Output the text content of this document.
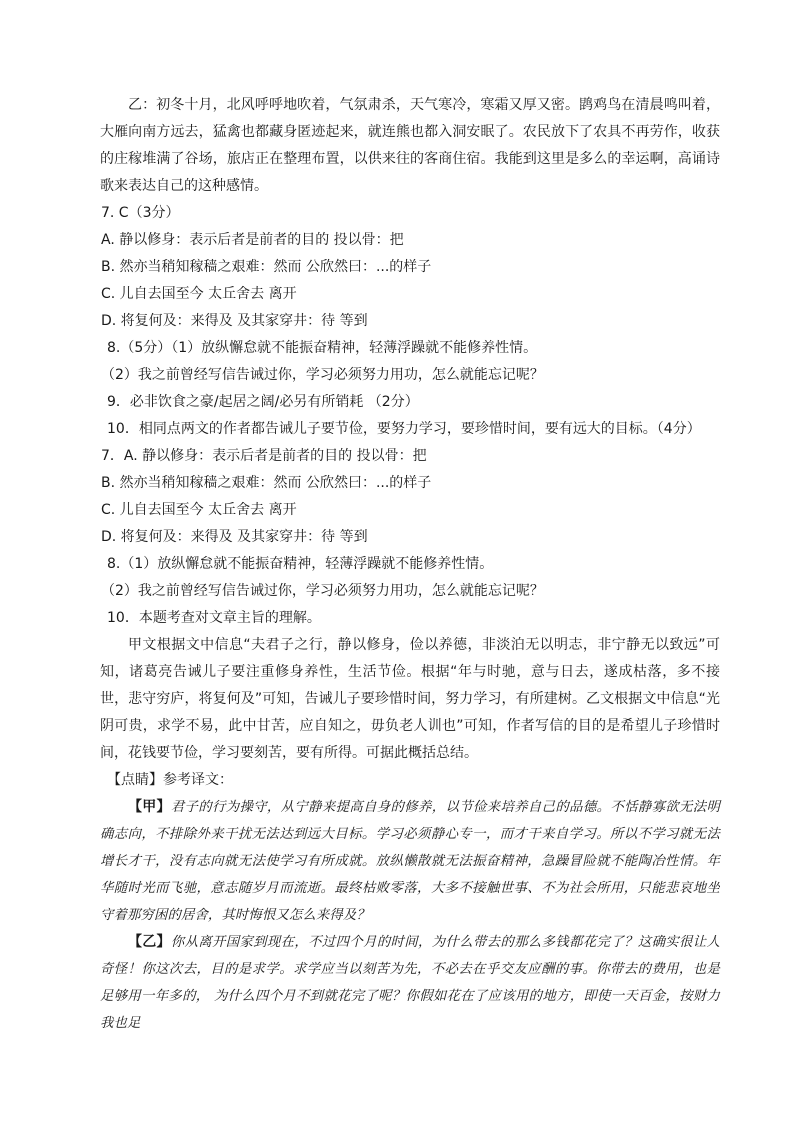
乙：初冬十月，北风呼呼地吹着，气氛肃杀，天气寒冷，寒霜又厚又密。鹍鸡鸟在清晨鸣叫着，大雁向南方远去，猛禽也都藏身匿迹起来，就连熊也都入洞安眠了。农民放下了农具不再劳作，收获的庄稼堆满了谷场，旅店正在整理布置，以供来往的客商住宿。我能到这里是多么的幸运啊，高诵诗歌来表达自己的这种感情。

7. C（3分）

A. 静以修身：表示后者是前者的目的 投以骨：把

B. 然亦当稍知稼穑之艰难：然而 公欣然曰：...的样子

C. 儿自去国至今 太丘舍去 离开

D. 将复何及：来得及 及其家穿井：待 等到

8.（5分）（1）放纵懈怠就不能振奋精神，轻薄浮躁就不能修养性情。

（2）我之前曾经写信告诫过你，学习必须努力用功，怎么就能忘记呢？

9．必非饮食之豪/起居之阔/必另有所销耗 （2分）

10．相同点两文的作者都告诫儿子要节俭，要努力学习，要珍惜时间，要有远大的目标。（4分）

7．A. 静以修身：表示后者是前者的目的 投以骨：把

B. 然亦当稍知稼穑之艰难：然而 公欣然曰：...的样子

C. 儿自去国至今 太丘舍去 离开

D. 将复何及：来得及 及其家穿井：待 等到

8.（1）放纵懈怠就不能振奋精神，轻薄浮躁就不能修养性情。

（2）我之前曾经写信告诫过你，学习必须努力用功，怎么就能忘记呢？

10．本题考查对文章主旨的理解。

甲文根据文中信息“夫君子之行，静以修身，俭以养德，非淡泊无以明志，非宁静无以致远”可知，诸葛亮告诫儿子要注重修身养性，生活节俭。根据“年与时驰，意与日去，遂成枯落，多不接世，悲守穷庐，将复何及”可知，告诫儿子要珍惜时间，努力学习，有所建树。乙文根据文中信息“光阴可贵，求学不易，此中甘苦，应自知之，毋负老人训也”可知，作者写信的目的是希望儿子珍惜时间，花钱要节俭，学习要刻苦，要有所得。可据此概括总结。

【点睛】参考译文：

【甲】君子的行为操守，从宁静来提高自身的修养，以节俭来培养自己的品德。不恬静寡欲无法明确志向，不排除外来干扰无法达到远大目标。学习必须静心专一，而才干来自学习。所以不学习就无法增长才干，没有志向就无法使学习有所成就。放纵懒散就无法振奋精神，急躁冒险就不能陶冶性情。年华随时光而飞驰，意志随岁月而流逝。最终枯败零落，大多不接触世事、不为社会所用，只能悲哀地坐守着那穷困的居舍，其时悔恨又怎么来得及？

【乙】你从离开国家到现在，不过四个月的时间，为什么带去的那么多钱都花完了？这确实很让人奇怪！你这次去，目的是求学。求学应当以刻苦为先，不必去在乎交友应酬的事。你带去的费用，也是足够用一年多的， 为什么四个月不到就花完了呢？你假如花在了应该用的地方，即使一天百金，按财力我也足
